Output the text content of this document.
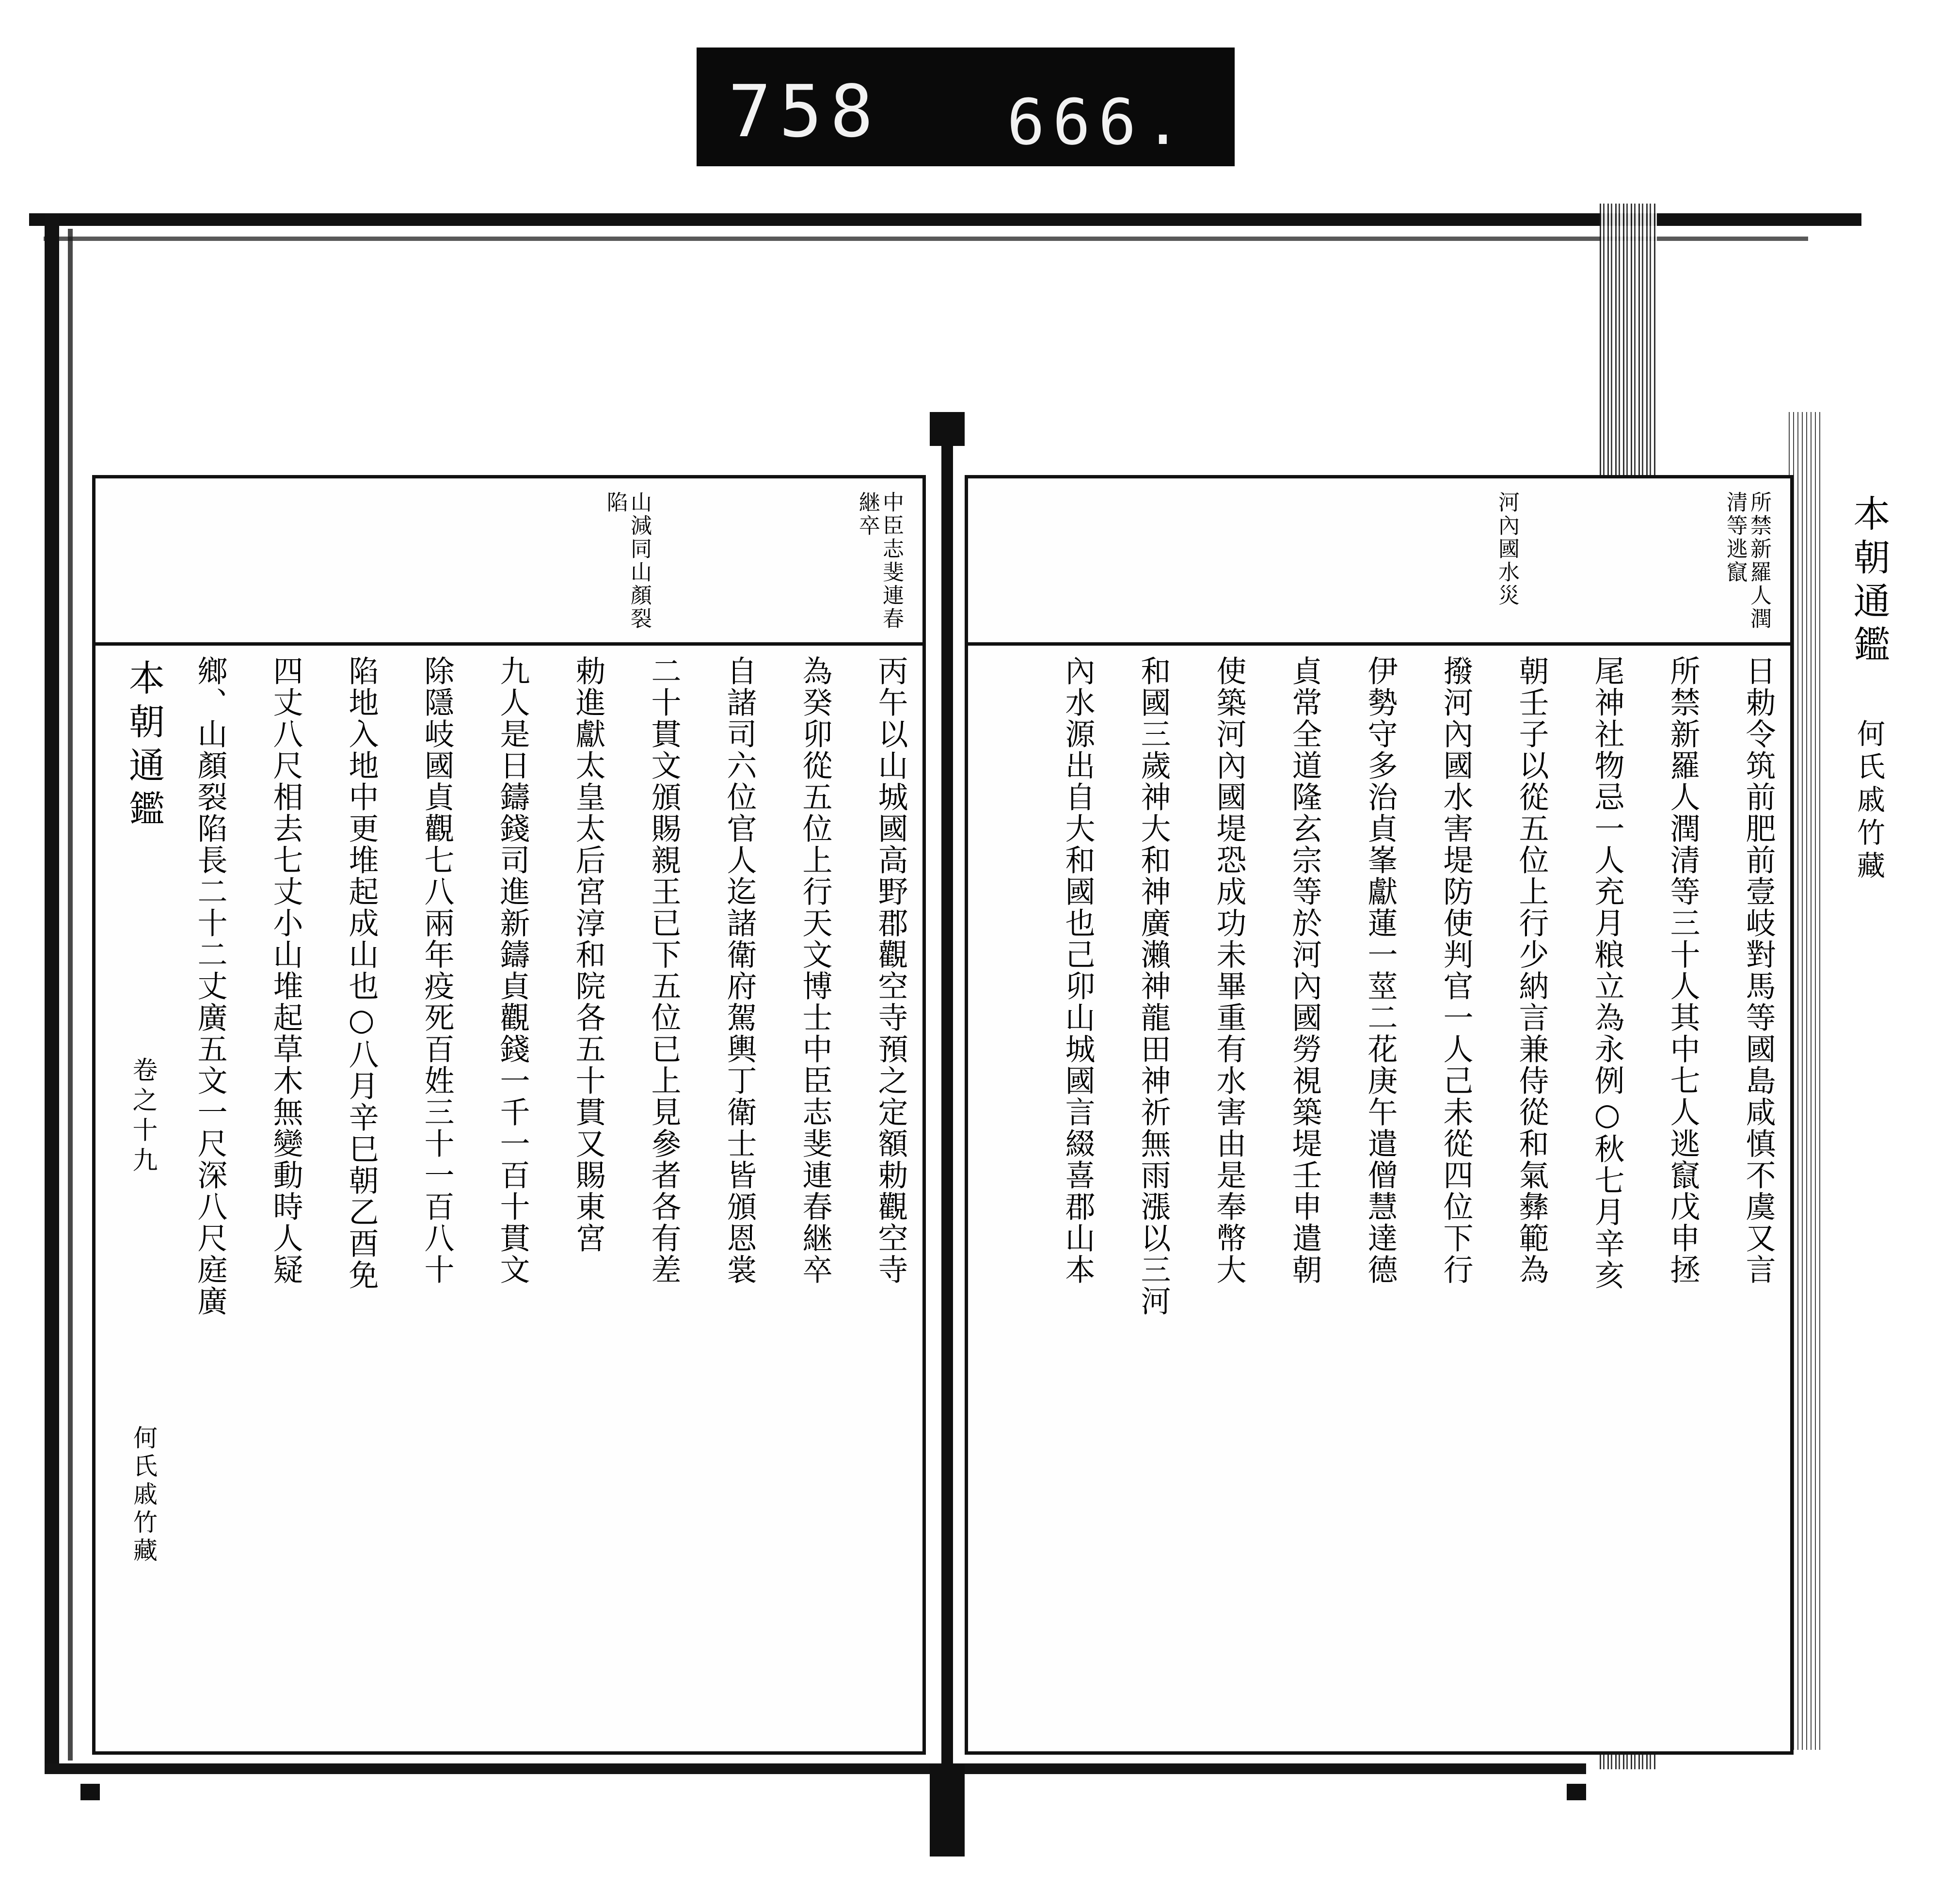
758 666.
中臣志斐連春継卒
山減同山顏裂陷
丙午以山城國高野郡觀空寺預之定額勅觀空寺
為癸卯從五位上行天文博士中臣志斐連春継卒
自諸司六位官人迄諸衛府駕輿丁衛士皆頒恩裳
二十貫文頒賜親王已下五位已上見參者各有差
勅進獻太皇太后宮淳和院各五十貫又賜東宮
九人是日鑄錢司進新鑄貞觀錢一千一百十貫文
除隱岐國貞觀七八兩年疫死百姓三十一百八十
陷地入地中更堆起成山也○八月辛巳朝乙酉免
四丈八尺相去七丈小山堆起草木無變動時人疑
鄉、山顏裂陷長二十二丈廣五文一尺深八尺庭廣
本朝通鑑
卷之十九
何氏戚竹藏
所禁新羅人潤清等逃竄
河內國水災
日勅令筑前肥前壹岐對馬等國島咸慎不虞又言
所禁新羅人潤清等三十人其中七人逃竄戊申拯
尾神社物忌一人充月粮立為永例○秋七月辛亥
朝壬子以從五位上行少納言兼侍從和氣彝範為
撥河內國水害堤防使判官一人己未從四位下行
伊勢守多治貞峯獻蓮一莖二花庚午遣僧慧達德
貞常全道隆玄宗等於河內國勞視築堤壬申遣朝
使築河內國堤恐成功未畢重有水害由是奉幣大
和國三歲神大和神廣瀨神龍田神祈無雨漲以三河
內水源出自大和國也己卯山城國言綴喜郡山本
本朝通鑑 何氏戚竹藏
